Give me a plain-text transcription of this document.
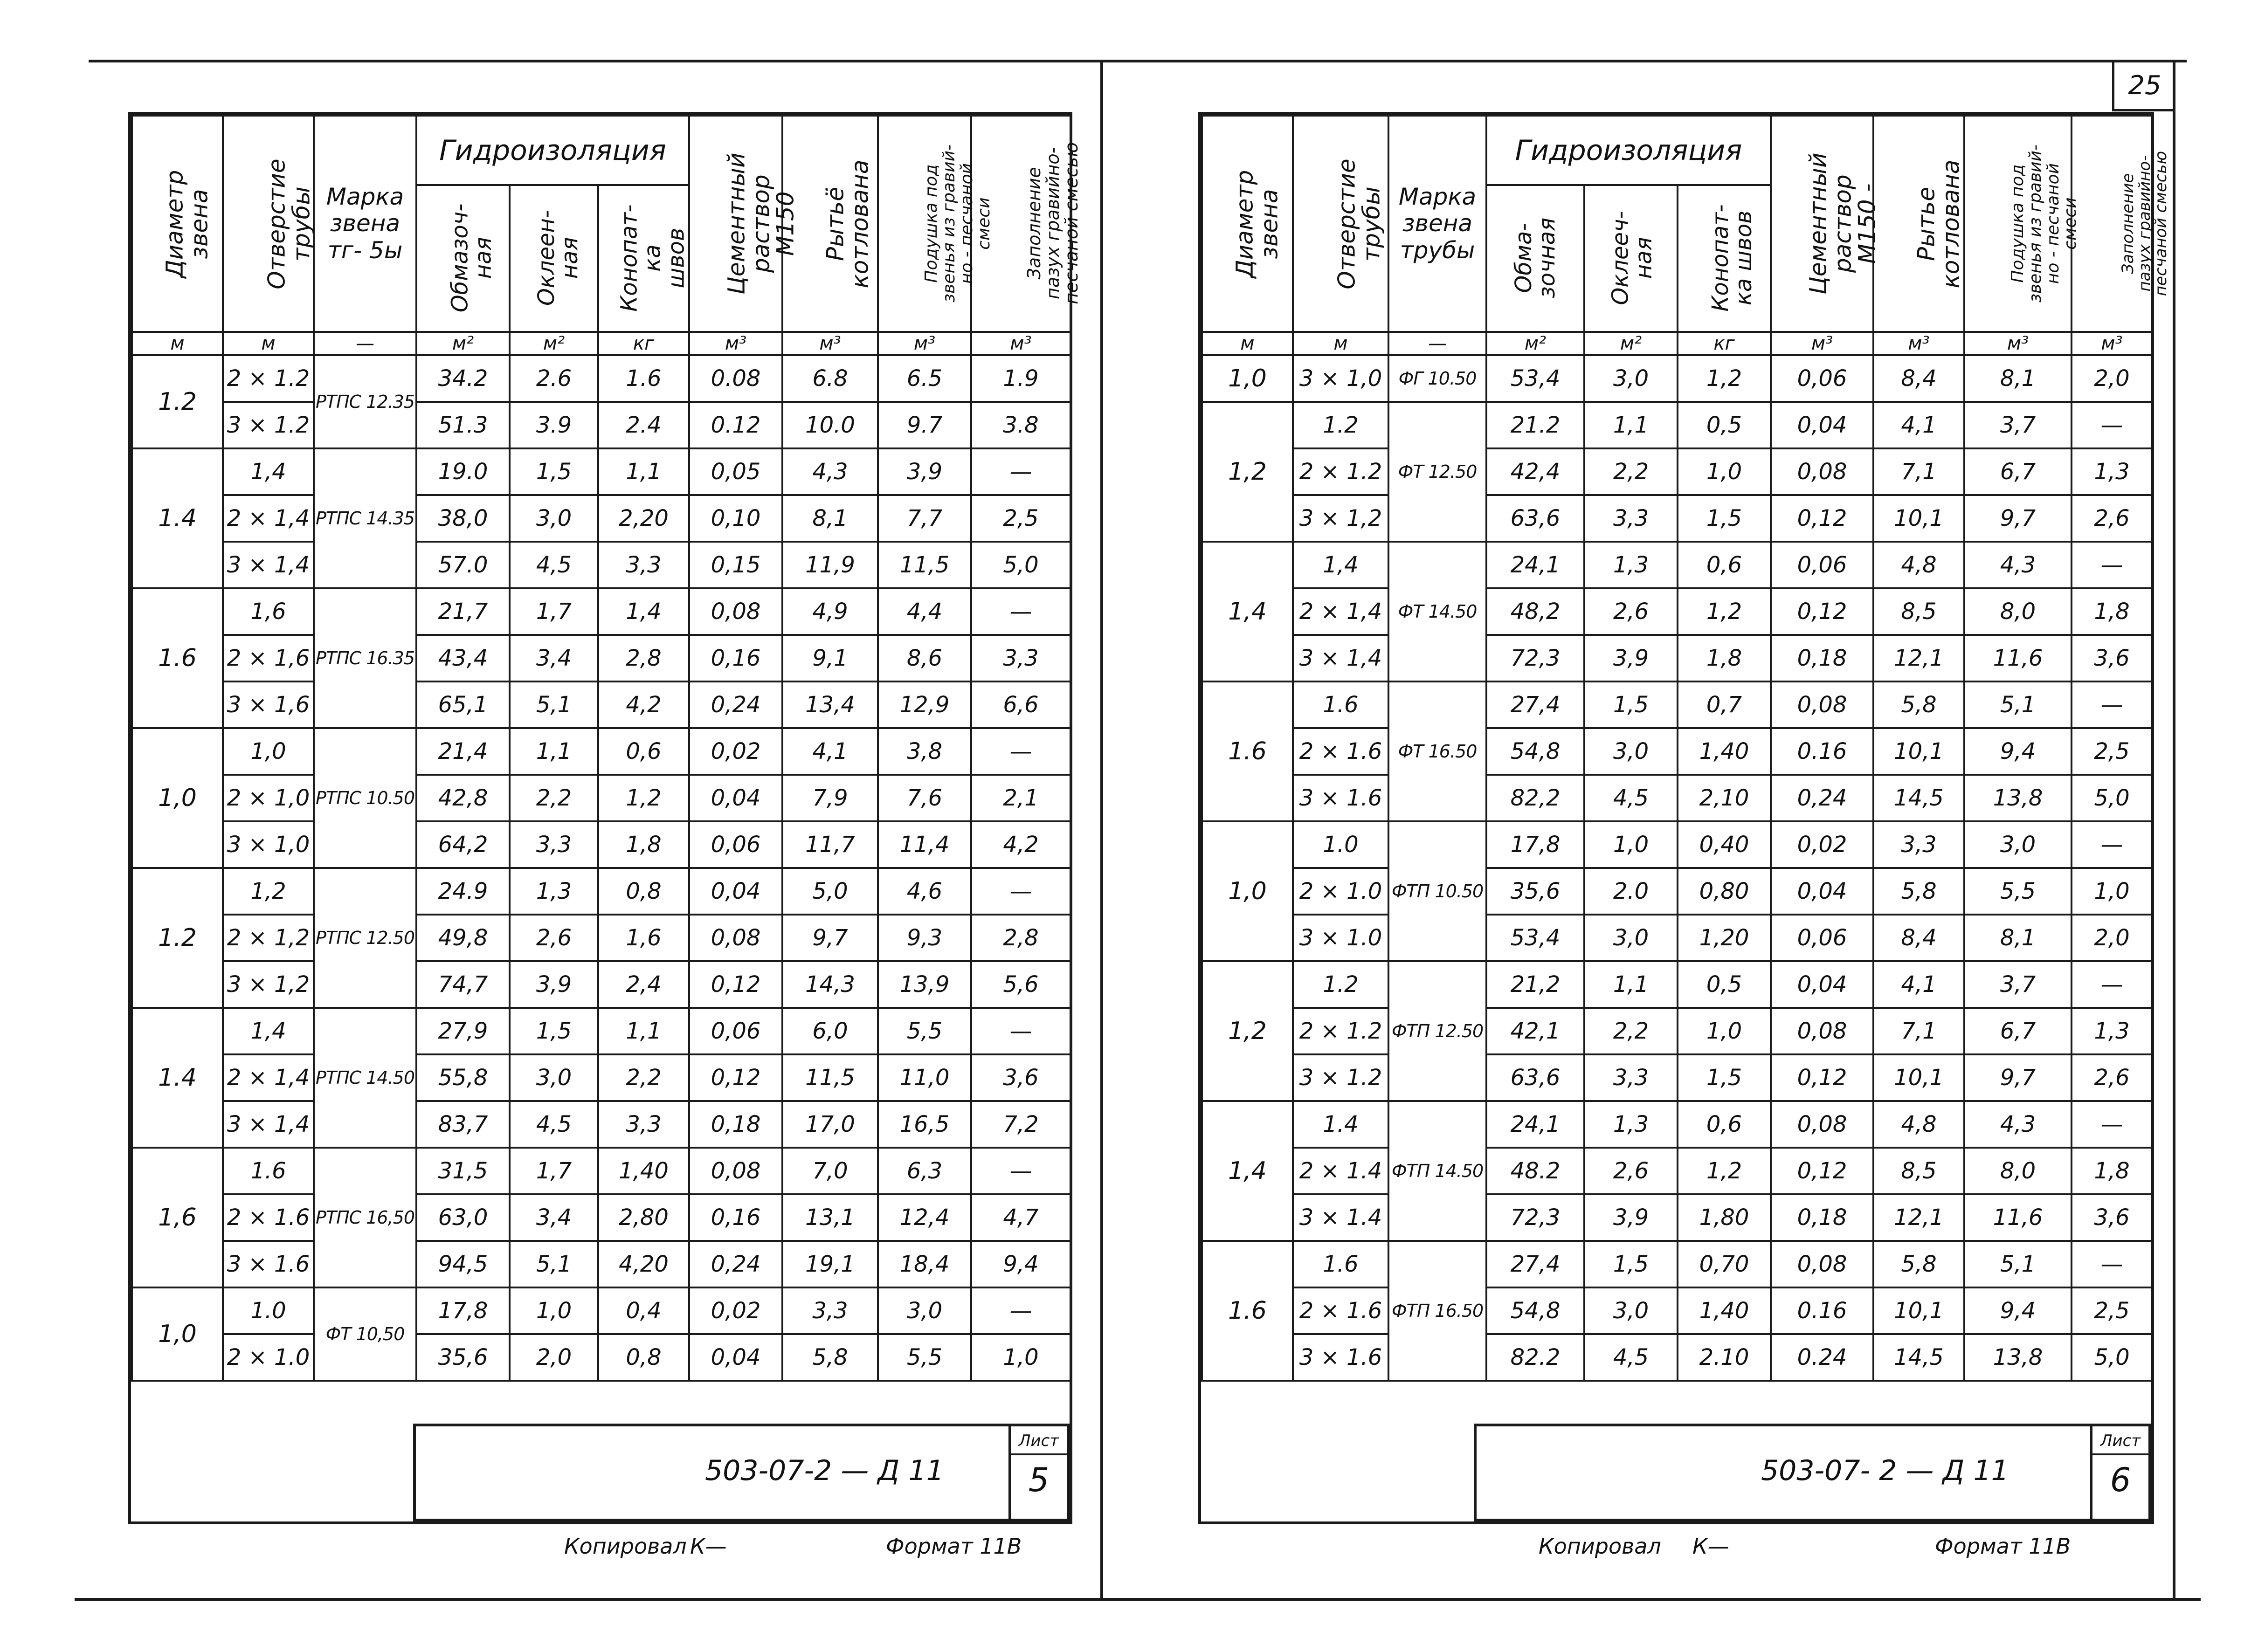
25
Диаметр
звена	Отверстие
трубы	Марка
звена
тг- 5ы	Гидроизоляция			Цементный
раствор
М150	Рытьё
котлована	Подушка под
звенья из гравий-
но - песчаной
смеси	Заполнение
пазух гравийно-
песчаной смесью
			Обмазоч-
ная	Оклеен-
ная	Конопат-
ка
швов				
м	м	—	м²	м²	кг	м³	м³	м³	м³
1.2	2 × 1.2	РТПС 12.35	34.2	2.6	1.6	0.08	6.8	6.5	1.9
	3 × 1.2		51.3	3.9	2.4	0.12	10.0	9.7	3.8
1.4	1,4	РТПС 14.35	19.0	1,5	1,1	0,05	4,3	3,9	—
	2 × 1,4		38,0	3,0	2,20	0,10	8,1	7,7	2,5
	3 × 1,4		57.0	4,5	3,3	0,15	11,9	11,5	5,0
1.6	1,6	РТПС 16.35	21,7	1,7	1,4	0,08	4,9	4,4	—
	2 × 1,6		43,4	3,4	2,8	0,16	9,1	8,6	3,3
	3 × 1,6		65,1	5,1	4,2	0,24	13,4	12,9	6,6
1,0	1,0	РТПС 10.50	21,4	1,1	0,6	0,02	4,1	3,8	—
	2 × 1,0		42,8	2,2	1,2	0,04	7,9	7,6	2,1
	3 × 1,0		64,2	3,3	1,8	0,06	11,7	11,4	4,2
1.2	1,2	РТПС 12.50	24.9	1,3	0,8	0,04	5,0	4,6	—
	2 × 1,2		49,8	2,6	1,6	0,08	9,7	9,3	2,8
	3 × 1,2		74,7	3,9	2,4	0,12	14,3	13,9	5,6
1.4	1,4	РТПС 14.50	27,9	1,5	1,1	0,06	6,0	5,5	—
	2 × 1,4		55,8	3,0	2,2	0,12	11,5	11,0	3,6
	3 × 1,4		83,7	4,5	3,3	0,18	17,0	16,5	7,2
1,6	1.6	РТПС 16,50	31,5	1,7	1,40	0,08	7,0	6,3	—
	2 × 1.6		63,0	3,4	2,80	0,16	13,1	12,4	4,7
	3 × 1.6		94,5	5,1	4,20	0,24	19,1	18,4	9,4
1,0	1.0	ФТ 10,50	17,8	1,0	0,4	0,02	3,3	3,0	—
	2 × 1.0		35,6	2,0	0,8	0,04	5,8	5,5	1,0
503-07-2 — Д 11
Лист
5
Копировал К—	Формат 11В
Диаметр
звена	Отверстие
трубы	Марка
звена
трубы	Гидроизоляция			Цементный
раствор
М150 -	Рытье
котлована	Подушка под
звенья из гравий-
но - песчаной
смеси	Заполнение
пазух гравийно-
песчаной смесью
			Обма-
зочная	Оклееч-
ная	Конопат-
ка швов				
м	м	—	м²	м²	кг	м³	м³	м³	м³
1,0	3 × 1,0	ФГ 10.50	53,4	3,0	1,2	0,06	8,4	8,1	2,0
1,2	1.2	ФТ 12.50	21.2	1,1	0,5	0,04	4,1	3,7	—
	2 × 1.2		42,4	2,2	1,0	0,08	7,1	6,7	1,3
	3 × 1,2		63,6	3,3	1,5	0,12	10,1	9,7	2,6
1,4	1,4	ФТ 14.50	24,1	1,3	0,6	0,06	4,8	4,3	—
	2 × 1,4		48,2	2,6	1,2	0,12	8,5	8,0	1,8
	3 × 1,4		72,3	3,9	1,8	0,18	12,1	11,6	3,6
1.6	1.6	ФТ 16.50	27,4	1,5	0,7	0,08	5,8	5,1	—
	2 × 1.6		54,8	3,0	1,40	0.16	10,1	9,4	2,5
	3 × 1.6		82,2	4,5	2,10	0,24	14,5	13,8	5,0
1,0	1.0	ФТП 10.50	17,8	1,0	0,40	0,02	3,3	3,0	—
	2 × 1.0		35,6	2.0	0,80	0,04	5,8	5,5	1,0
	3 × 1.0		53,4	3,0	1,20	0,06	8,4	8,1	2,0
1,2	1.2	ФТП 12.50	21,2	1,1	0,5	0,04	4,1	3,7	—
	2 × 1.2		42,1	2,2	1,0	0,08	7,1	6,7	1,3
	3 × 1.2		63,6	3,3	1,5	0,12	10,1	9,7	2,6
1,4	1.4	ФТП 14.50	24,1	1,3	0,6	0,08	4,8	4,3	—
	2 × 1.4		48.2	2,6	1,2	0,12	8,5	8,0	1,8
	3 × 1.4		72,3	3,9	1,80	0,18	12,1	11,6	3,6
1.6	1.6	ФТП 16.50	27,4	1,5	0,70	0,08	5,8	5,1	—
	2 × 1.6		54,8	3,0	1,40	0.16	10,1	9,4	2,5
	3 × 1.6		82.2	4,5	2.10	0.24	14,5	13,8	5,0
503-07- 2 — Д 11
Лист
6
Копировал К—	Формат 11В
